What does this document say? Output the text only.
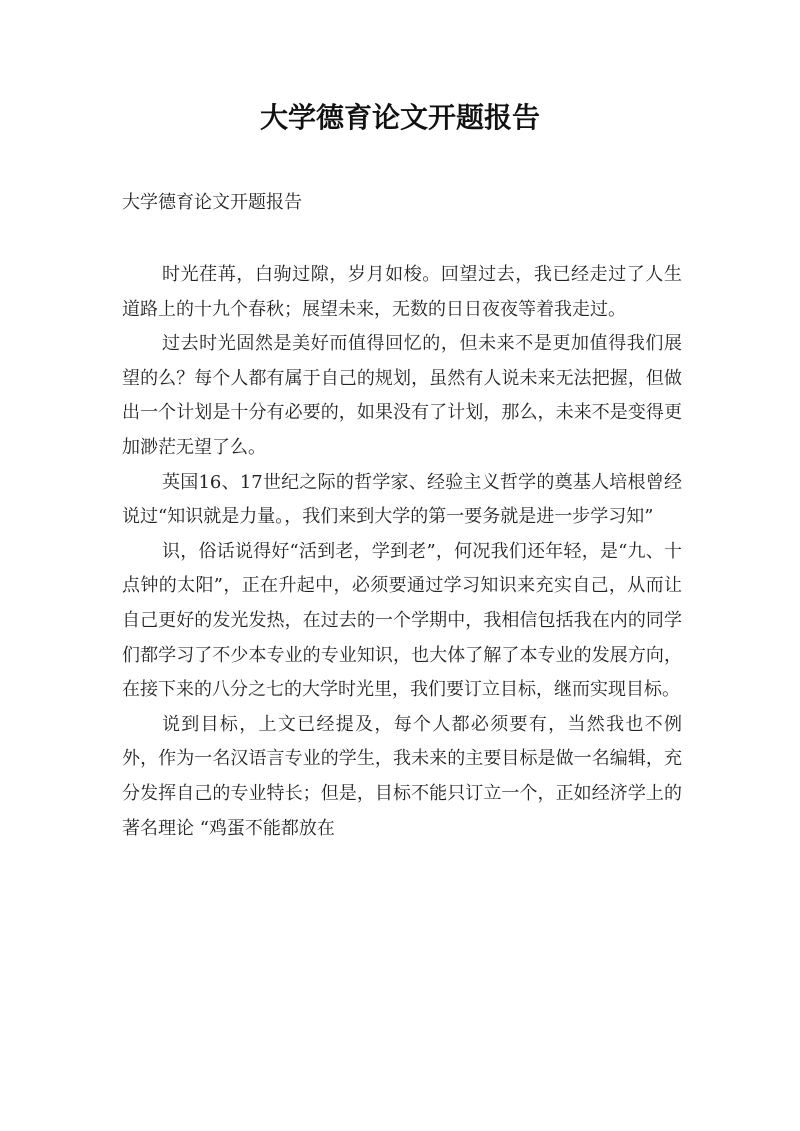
大学德育论文开题报告
大学德育论文开题报告

时光荏苒，白驹过隙，岁月如梭。回望过去，我已经走过了人生道路上的十九个春秋；展望未来，无数的日日夜夜等着我走过。

过去时光固然是美好而值得回忆的，但未来不是更加值得我们展望的么？每个人都有属于自己的规划，虽然有人说未来无法把握，但做出一个计划是十分有必要的，如果没有了计划，那么，未来不是变得更加渺茫无望了么。

英国16、17世纪之际的哲学家、经验主义哲学的奠基人培根曾经说过“知识就是力量。，我们来到大学的第一要务就是进一步学习知”

识，俗话说得好“活到老，学到老”，何况我们还年轻，是“九、十点钟的太阳”，正在升起中，必须要通过学习知识来充实自己，从而让自己更好的发光发热，在过去的一个学期中，我相信包括我在内的同学们都学习了不少本专业的专业知识，也大体了解了本专业的发展方向，在接下来的八分之七的大学时光里，我们要订立目标，继而实现目标。

说到目标，上文已经提及，每个人都必须要有，当然我也不例外，作为一名汉语言专业的学生，我未来的主要目标是做一名编辑，充分发挥自己的专业特长；但是，目标不能只订立一个，正如经济学上的著名理论 “鸡蛋不能都放在
